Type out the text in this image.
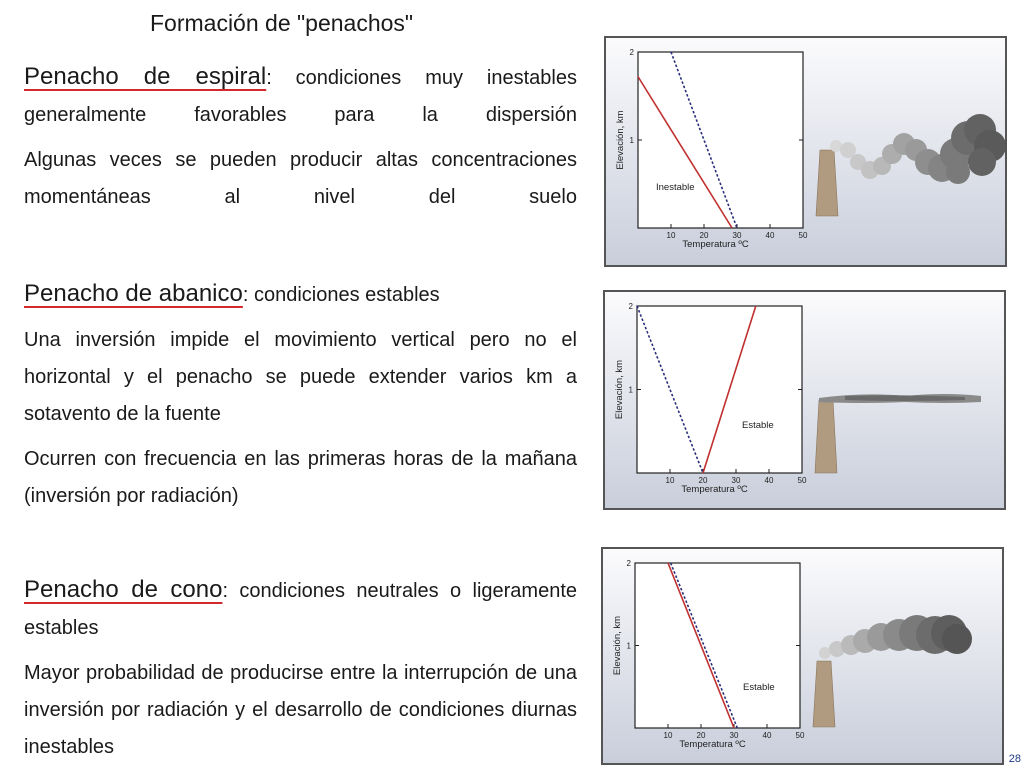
Formación de "penachos"
Penacho de espiral: condiciones muy inestables generalmente favorables para la dispersión
Algunas veces se pueden producir altas concentraciones momentáneas al nivel del suelo
Penacho de abanico: condiciones estables
Una inversión impide el movimiento vertical pero no el horizontal y el penacho se puede extender varios km a sotavento de la fuente
Ocurren con frecuencia en las primeras horas de la mañana (inversión por radiación)
Penacho de cono: condiciones neutrales o ligeramente estables
Mayor probabilidad de producirse entre la interrupción de una inversión por radiación y el desarrollo de condiciones diurnas inestables
10	20	30	40	50
1
2
Temperatura ºC
Elevación, km
Inestable
10	20	30	40	50
1
2
Temperatura ºC
Elevación, km
Estable
10	20	30	40	50
1
2
Temperatura ºC
Elevación, km
Estable
28
